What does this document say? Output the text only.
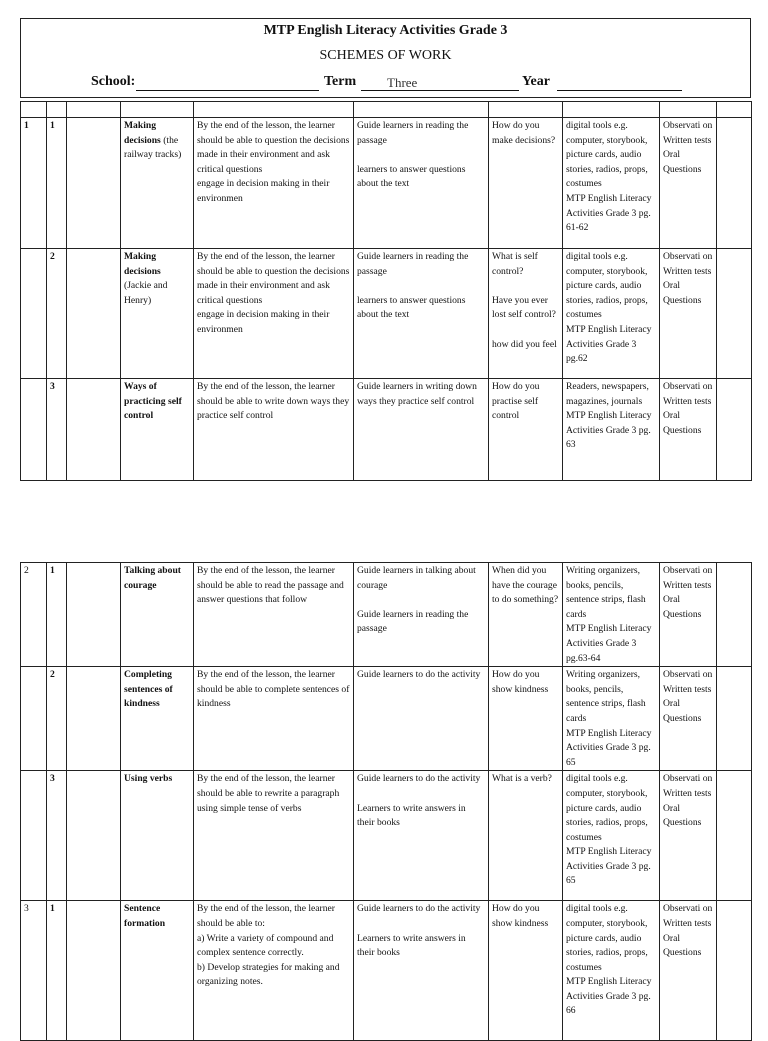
MTP English Literacy Activities Grade 3
SCHEMES OF WORK
School:	Term Three	Year

1	1		Making decisions (the railway tracks)	By the end of the lesson, the learner should be able to question the decisions made in their environment and ask critical questions
engage in decision making in their environmen	Guide learners in reading the passage

learners to answer questions about the text	How do you make decisions?	digital tools e.g. computer, storybook, picture cards, audio stories, radios, props, costumes
MTP English Literacy Activities Grade 3 pg. 61-62	Observati on
Written tests
Oral Questions	
	2		Making decisions (Jackie and Henry)	By the end of the lesson, the learner should be able to question the decisions made in their environment and ask critical questions
engage in decision making in their environmen	Guide learners in reading the passage

learners to answer questions about the text	What is self control?

Have you ever lost self control?

how did you feel	digital tools e.g. computer, storybook, picture cards, audio stories, radios, props, costumes
MTP English Literacy Activities Grade 3 pg.62	Observati on
Written tests
Oral Questions	
	3		Ways of practicing self control	By the end of the lesson, the learner should be able to write down ways they practice self control	Guide learners in writing down ways they practice self control	How do you practise self control	Readers, newspapers, magazines, journals
MTP English Literacy Activities Grade 3 pg. 63	Observati on
Written tests
Oral Questions	
2	1		Talking about courage	By the end of the lesson, the learner should be able to read the passage and answer questions that follow	Guide learners in talking about courage

Guide learners in reading the passage	When did you have the courage to do something?	Writing organizers, books, pencils, sentence strips, flash cards
MTP English Literacy Activities Grade 3 pg.63-64	Observati on
Written tests
Oral Questions	
	2		Completing sentences of kindness	By the end of the lesson, the learner should be able to complete sentences of kindness	Guide learners to do the activity	How do you show kindness	Writing organizers, books, pencils, sentence strips, flash cards
MTP English Literacy Activities Grade 3 pg. 65	Observati on
Written tests
Oral Questions	
	3		Using verbs	By the end of the lesson, the learner should be able to rewrite a paragraph using simple tense of verbs	Guide learners to do the activity

Learners to write answers in their books	What is a verb?	digital tools e.g. computer, storybook, picture cards, audio stories, radios, props, costumes
MTP English Literacy Activities Grade 3 pg. 65	Observati on
Written tests
Oral Questions	
3	1		Sentence formation	By the end of the lesson, the learner should be able to:
a) Write a variety of compound and complex sentence correctly.
b) Develop strategies for making and organizing notes.	Guide learners to do the activity

Learners to write answers in their books	How do you show kindness	digital tools e.g. computer, storybook, picture cards, audio stories, radios, props, costumes
MTP English Literacy Activities Grade 3 pg. 66	Observati on
Written tests
Oral Questions	
